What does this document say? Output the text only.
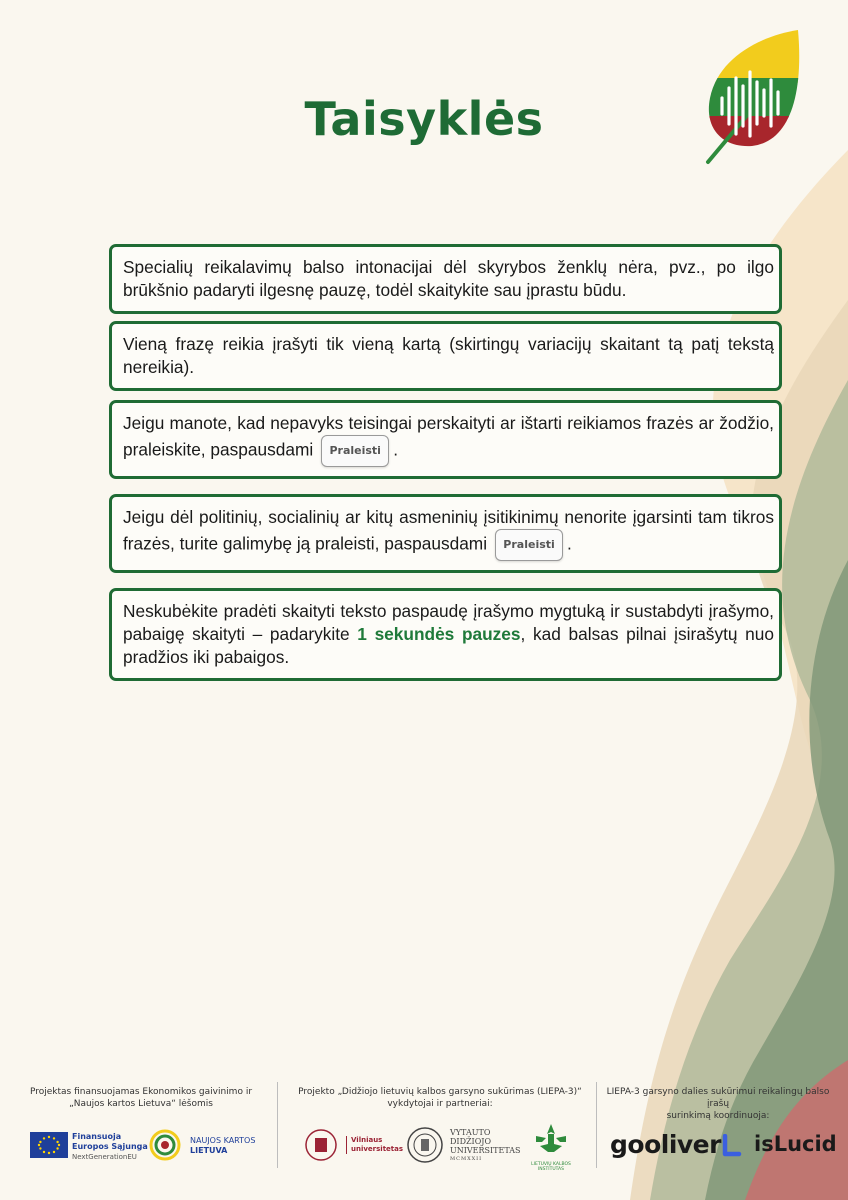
Taisyklės
Specialių reikalavimų balso intonacijai dėl skyrybos ženklų nėra, pvz., po ilgo brūkšnio padaryti ilgesnę pauzę, todėl skaitykite sau įprastu būdu.
Vieną frazę reikia įrašyti tik vieną kartą (skirtingų variacijų skaitant tą patį tekstą nereikia).
Jeigu manote, kad nepavyks teisingai perskaityti ar ištarti reikiamos frazės ar žodžio, praleiskite, paspausdami Praleisti .
Jeigu dėl politinių, socialinių ar kitų asmeninių įsitikinimų nenorite įgarsinti tam tikros frazės, turite galimybę ją praleisti, paspausdami Praleisti .
Neskubėkite pradėti skaityti teksto paspaudę įrašymo mygtuką ir sustabdyti įrašymo, pabaigę skaityti – padarykite 1 sekundės pauzes, kad balsas pilnai įsirašytų nuo pradžios iki pabaigos.
Projektas finansuojamas Ekonomikos gaivinimo ir
„Naujos kartos Lietuva“ lėšomis
Finansuoja
Europos Sąjunga
NextGenerationEU
NAUJOS KARTOS
LIETUVA
Projekto „Didžiojo lietuvių kalbos garsyno sukūrimas (LIEPA-3)“
vykdytojai ir partneriai:
Vilniaus
universitetas
VYTAUTO
DIDŽIOJO
UNIVERSITETAS
MCMXXII
LIETUVIŲ KALBOS INSTITUTAS
LIEPA-3 garsyno dalies sukūrimui reikalingų balso įrašų
surinkimą koordinuoja:
gooliver isLucid
